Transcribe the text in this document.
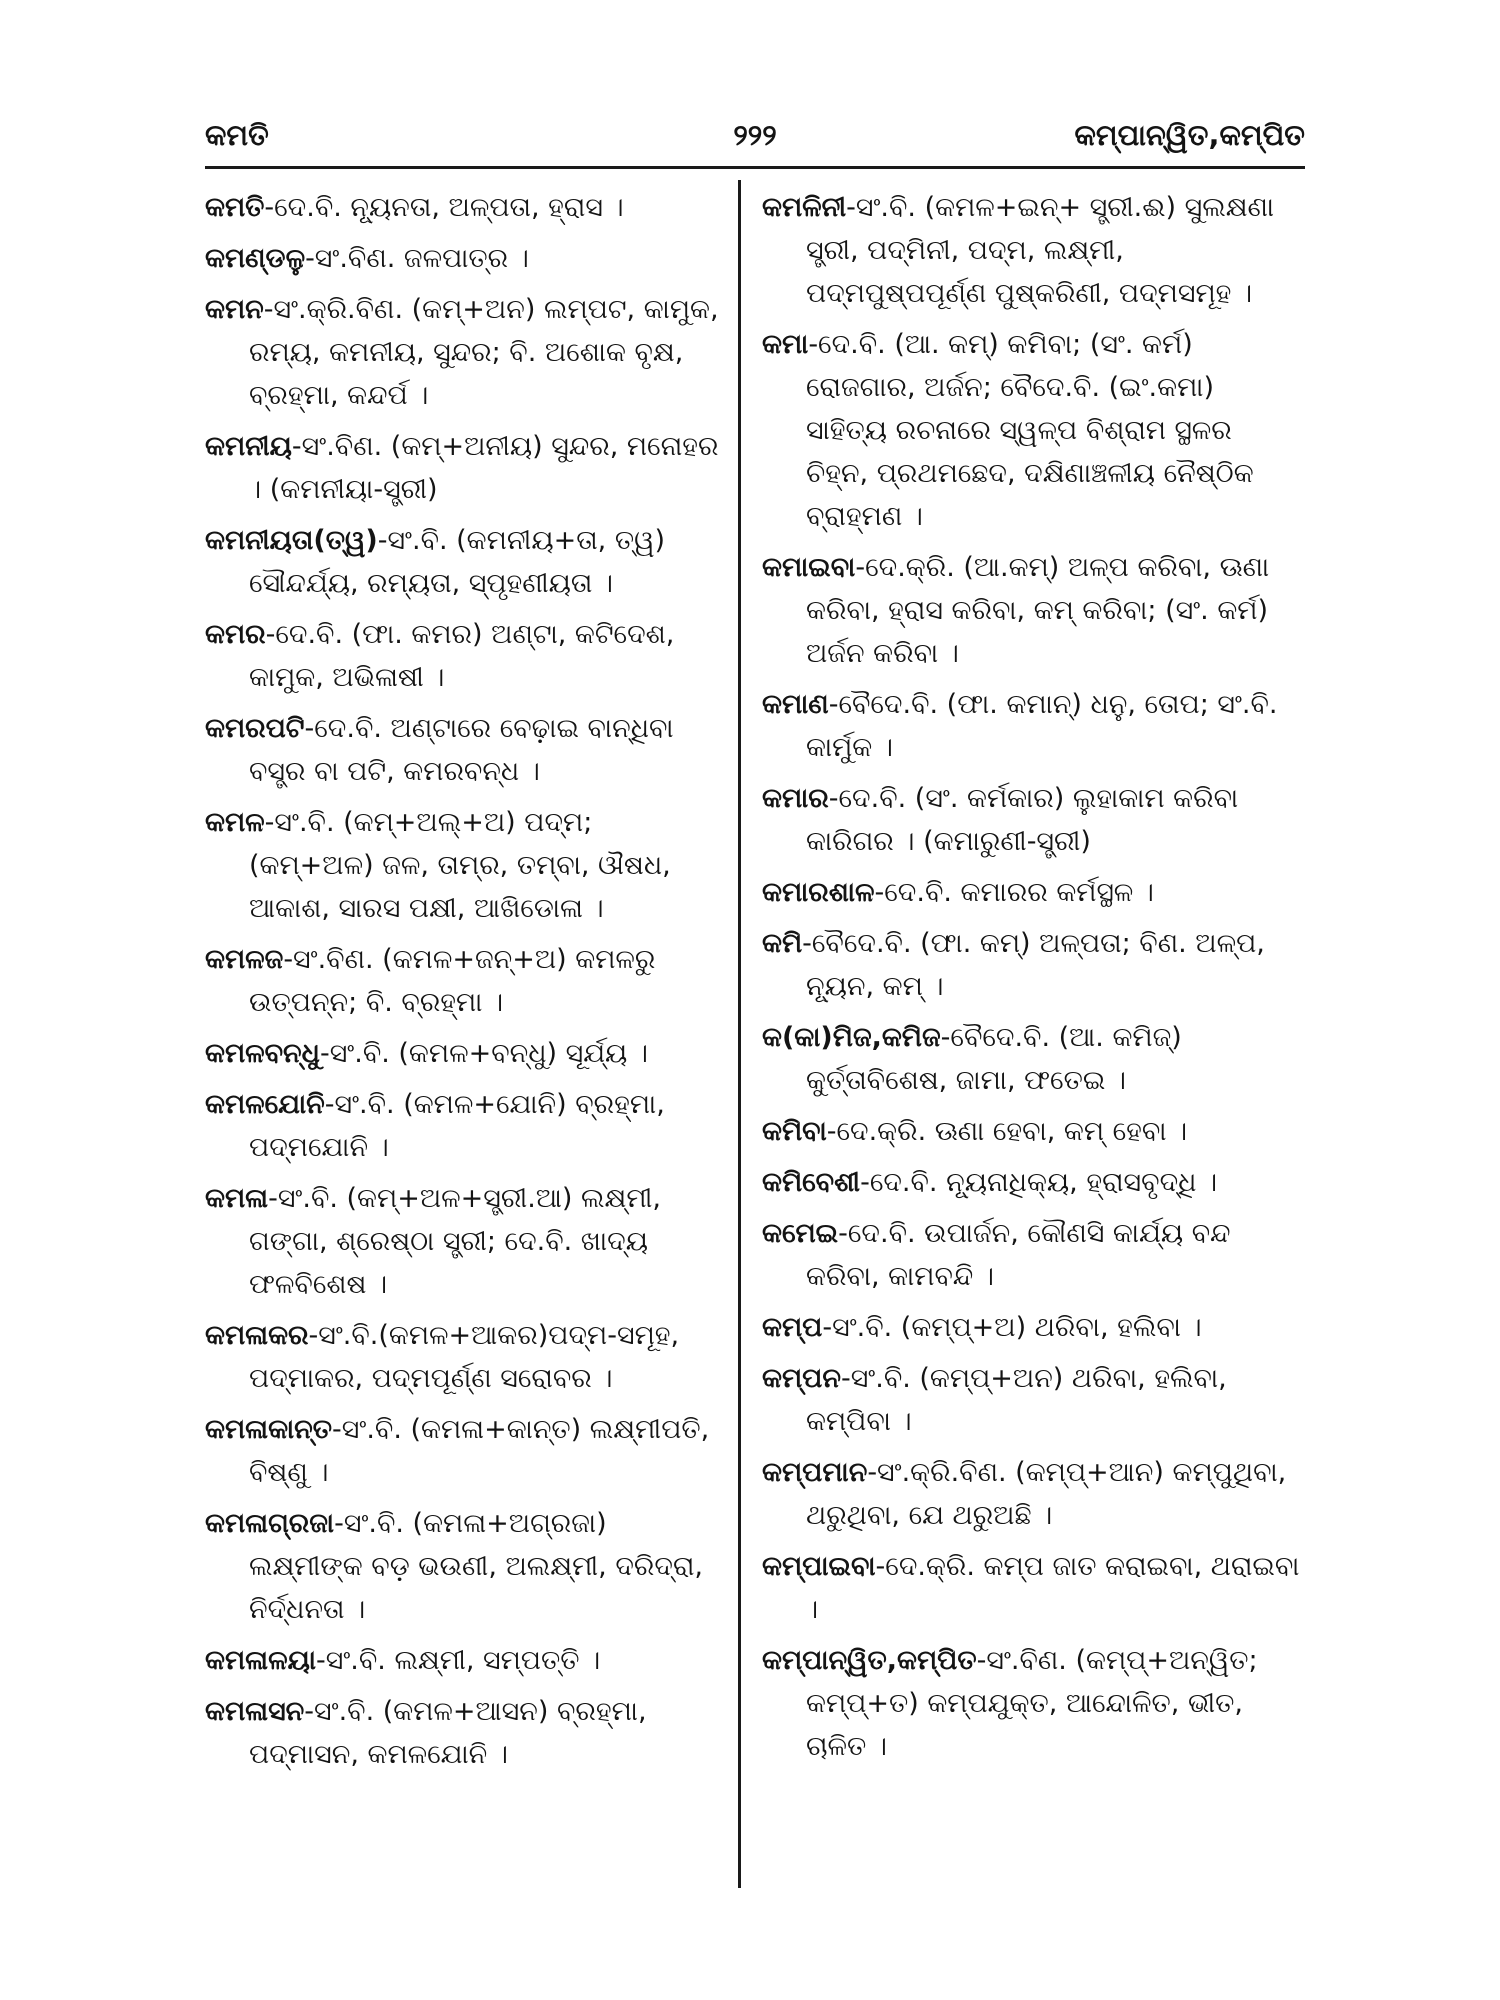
କମତି	୨୨୨	କମ୍ପାନ୍ୱିତ,କମ୍ପିତ
କମତି-ଦେ.ବି. ନ୍ୟୂନତା, ଅଳ୍ପତା, ହ୍ରାସ ।
କମଣ୍ଡଳୁ-ସଂ.ବିଣ. ଜଳପାତ୍ର ।
କମନ-ସଂ.କ୍ରି.ବିଣ. (କମ୍+ଅନ) ଲମ୍ପଟ, କାମୁକ, ରମ୍ୟ, କମନୀୟ, ସୁନ୍ଦର; ବି. ଅଶୋକ ବୃକ୍ଷ, ବ୍ରହ୍ମା, କନ୍ଦର୍ପ ।
କମନୀୟ-ସଂ.ବିଣ. (କମ୍+ଅନୀୟ) ସୁନ୍ଦର, ମନୋହର । (କମନୀୟା-ସ୍ତ୍ରୀ)
କମନୀୟତା(ତ୍ୱ)-ସଂ.ବି. (କମନୀୟ+ତା, ତ୍ୱ) ସୌନ୍ଦର୍ଯ୍ୟ, ରମ୍ୟତା, ସ୍ପୃହଣୀୟତା ।
କମର-ଦେ.ବି. (ଫା. କମର) ଅଣ୍ଟା, କଟିଦେଶ, କାମୁକ, ଅଭିଳାଷୀ ।
କମରପଟି-ଦେ.ବି. ଅଣ୍ଟାରେ ବେଢ଼ାଇ ବାନ୍ଧିବା ବସ୍ତ୍ର ବା ପଟି, କମରବନ୍ଧ ।
କମଳ-ସଂ.ବି. (କମ୍+ଅଲ୍+ଅ) ପଦ୍ମ; (କମ୍+ଅଳ) ଜଳ, ତାମ୍ର, ତମ୍ବା, ଔଷଧ, ଆକାଶ, ସାରସ ପକ୍ଷୀ, ଆଖିଡୋଳା ।
କମଳଜ-ସଂ.ବିଣ. (କମଳ+ଜନ୍+ଅ) କମଳରୁ ଉତ୍ପନ୍ନ; ବି. ବ୍ରହ୍ମା ।
କମଳବନ୍ଧୁ-ସଂ.ବି. (କମଳ+ବନ୍ଧୁ) ସୂର୍ଯ୍ୟ ।
କମଳଯୋନି-ସଂ.ବି. (କମଳ+ଯୋନି) ବ୍ରହ୍ମା, ପଦ୍ମଯୋନି ।
କମଳା-ସଂ.ବି. (କମ୍+ଅଳ+ସ୍ତ୍ରୀ.ଆ) ଲକ୍ଷ୍ମୀ, ଗଙ୍ଗା, ଶ୍ରେଷ୍ଠା ସ୍ତ୍ରୀ; ଦେ.ବି. ଖାଦ୍ୟ ଫଳବିଶେଷ ।
କମଳାକର-ସଂ.ବି.(କମଳ+ଆକର)ପଦ୍ମ-ସମୂହ, ପଦ୍ମାକର, ପଦ୍ମପୂର୍ଣ୍ଣ ସରୋବର ।
କମଳାକାନ୍ତ-ସଂ.ବି. (କମଳା+କାନ୍ତ) ଲକ୍ଷ୍ମୀପତି, ବିଷ୍ଣୁ ।
କମଳାଗ୍ରଜା-ସଂ.ବି. (କମଳା+ଅଗ୍ରଜା) ଲକ୍ଷ୍ମୀଙ୍କ ବଡ଼ ଭଉଣୀ, ଅଲକ୍ଷ୍ମୀ, ଦରିଦ୍ରା, ନିର୍ଦ୍ଧନତା ।
କମଳାଳୟା-ସଂ.ବି. ଲକ୍ଷ୍ମୀ, ସମ୍ପତ୍ତି ।
କମଳାସନ-ସଂ.ବି. (କମଳ+ଆସନ) ବ୍ରହ୍ମା, ପଦ୍ମାସନ, କମଳଯୋନି ।
କମଳିନୀ-ସଂ.ବି. (କମଳ+ଇନ୍+ ସ୍ତ୍ରୀ.ଈ) ସୁଲକ୍ଷଣା ସ୍ତ୍ରୀ, ପଦ୍ମିନୀ, ପଦ୍ମ, ଲକ୍ଷ୍ମୀ, ପଦ୍ମପୁଷ୍ପପୂର୍ଣ୍ଣ ପୁଷ୍କରିଣୀ, ପଦ୍ମସମୂହ ।
କମା-ଦେ.ବି. (ଆ. କମ୍) କମିବା; (ସଂ. କର୍ମ) ରୋଜଗାର, ଅର୍ଜନ; ବୈଦେ.ବି. (ଇଂ.କମା) ସାହିତ୍ୟ ରଚନାରେ ସ୍ୱଳ୍ପ ବିଶ୍ରାମ ସ୍ଥଳର ଚିହ୍ନ, ପ୍ରଥମଛେଦ, ଦକ୍ଷିଣାଞ୍ଚଳୀୟ ନୈଷ୍ଠିକ ବ୍ରାହ୍ମଣ ।
କମାଇବା-ଦେ.କ୍ରି. (ଆ.କମ୍) ଅଳ୍ପ କରିବା, ଊଣା କରିବା, ହ୍ରାସ କରିବା, କମ୍ କରିବା; (ସଂ. କର୍ମ) ଅର୍ଜନ କରିବା ।
କମାଣ-ବୈଦେ.ବି. (ଫା. କମାନ୍) ଧନୁ, ତୋପ; ସଂ.ବି. କାର୍ମୁକ ।
କମାର-ଦେ.ବି. (ସଂ. କର୍ମକାର) ଲୁହାକାମ କରିବା କାରିଗର । (କମାରୁଣୀ-ସ୍ତ୍ରୀ)
କମାରଶାଳ-ଦେ.ବି. କମାରର କର୍ମସ୍ଥଳ ।
କମି-ବୈଦେ.ବି. (ଫା. କମ୍) ଅଳ୍ପତା; ବିଣ. ଅଳ୍ପ, ନ୍ୟୂନ, କମ୍ ।
କ(କା)ମିଜ,କମିଜ-ବୈଦେ.ବି. (ଆ. କମିଜ୍) କୁର୍ତ୍ତାବିଶେଷ, ଜାମା, ଫତେଇ ।
କମିବା-ଦେ.କ୍ରି. ଊଣା ହେବା, କମ୍ ହେବା ।
କମିବେଶୀ-ଦେ.ବି. ନ୍ୟୂନାଧିକ୍ୟ, ହ୍ରାସବୃଦ୍ଧି ।
କମେଇ-ଦେ.ବି. ଉପାର୍ଜନ, କୌଣସି କାର୍ଯ୍ୟ ବନ୍ଦ କରିବା, କାମବନ୍ଦି ।
କମ୍ପ-ସଂ.ବି. (କମ୍ପ୍+ଅ) ଥରିବା, ହଲିବା ।
କମ୍ପନ-ସଂ.ବି. (କମ୍ପ୍+ଅନ) ଥରିବା, ହଲିବା, କମ୍ପିବା ।
କମ୍ପମାନ-ସଂ.କ୍ରି.ବିଣ. (କମ୍ପ୍+ଆନ) କମ୍ପୁଥିବା, ଥରୁଥିବା, ଯେ ଥରୁଅଛି ।
କମ୍ପାଇବା-ଦେ.କ୍ରି. କମ୍ପ ଜାତ କରାଇବା, ଥରାଇବା ।
କମ୍ପାନ୍ୱିତ,କମ୍ପିତ-ସଂ.ବିଣ. (କମ୍ପ୍+ଅନ୍ୱିତ; କମ୍ପ୍+ତ) କମ୍ପଯୁକ୍ତ, ଆନ୍ଦୋଳିତ, ଭୀତ, ଚାଳିତ ।
